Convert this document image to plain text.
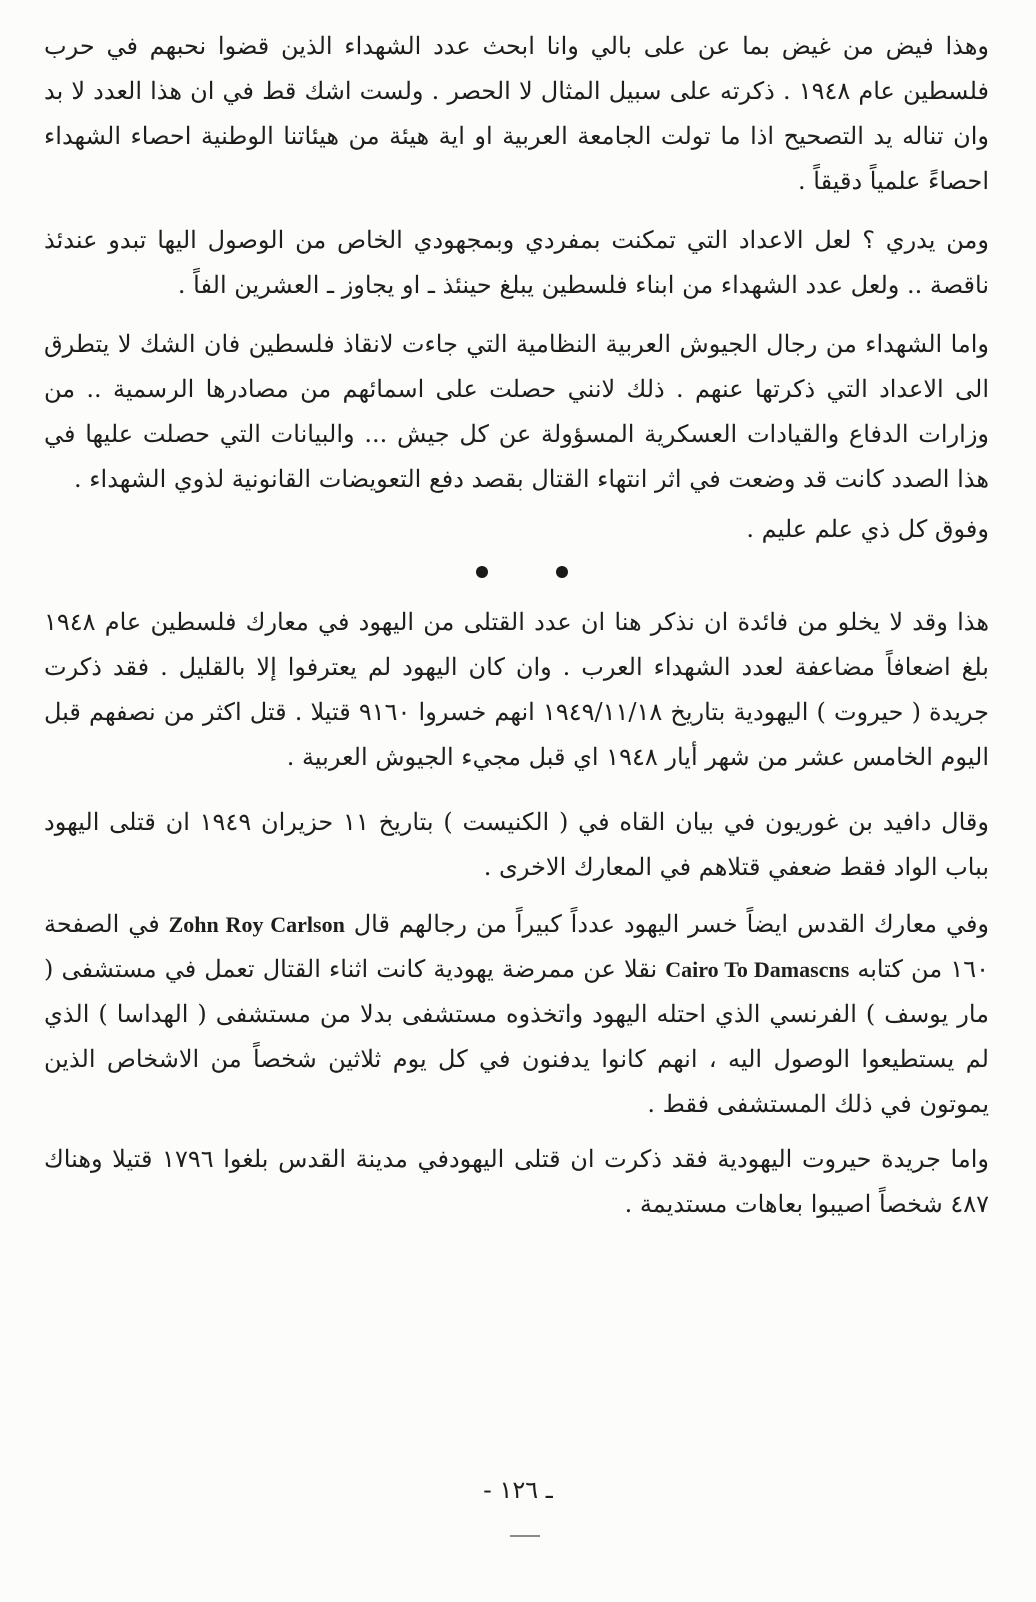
وهذا فيض من غيض بما عن على بالي وانا ابحث عدد الشهداء الذين قضوا نحبهم في حرب فلسطين عام ١٩٤٨ . ذكرته على سبيل المثال لا الحصر . ولست اشك قط في ان هذا العدد لا بد وان تناله يد التصحيح اذا ما تولت الجامعة العربية او اية هيئة من هيئاتنا الوطنية احصاء الشهداء احصاءً علمياً دقيقاً .

ومن يدري ؟ لعل الاعداد التي تمكنت بمفردي وبمجهودي الخاص من الوصول اليها تبدو عندئذ ناقصة .. ولعل عدد الشهداء من ابناء فلسطين يبلغ حينئذ ـ او يجاوز ـ العشرين الفاً .

واما الشهداء من رجال الجيوش العربية النظامية التي جاءت لانقاذ فلسطين فان الشك لا يتطرق الى الاعداد التي ذكرتها عنهم . ذلك لانني حصلت على اسمائهم من مصادرها الرسمية .. من وزارات الدفاع والقيادات العسكرية المسؤولة عن كل جيش ... والبيانات التي حصلت عليها في هذا الصدد كانت قد وضعت في اثر انتهاء القتال بقصد دفع التعويضات القانونية لذوي الشهداء .

وفوق كل ذي علم عليم .

هذا وقد لا يخلو من فائدة ان نذكر هنا ان عدد القتلى من اليهود في معارك فلسطين عام ١٩٤٨ بلغ اضعافاً مضاعفة لعدد الشهداء العرب . وان كان اليهود لم يعترفوا إلا بالقليل . فقد ذكرت جريدة ( حيروت ) اليهودية بتاريخ ١٩٤٩/١١/١٨ انهم خسروا ٩١٦٠ قتيلا . قتل اكثر من نصفهم قبل اليوم الخامس عشر من شهر أيار ١٩٤٨ اي قبل مجيء الجيوش العربية .

وقال دافيد بن غوريون في بيان القاه في ( الكنيست ) بتاريخ ١١ حزيران ١٩٤٩ ان قتلى اليهود بباب الواد فقط ضعفي قتلاهم في المعارك الاخرى .

وفي معارك القدس ايضاً خسر اليهود عدداً كبيراً من رجالهم قال Zohn Roy Carlson في الصفحة ١٦٠ من كتابه Cairo To Damascns نقلا عن ممرضة يهودية كانت اثناء القتال تعمل في مستشفى ( مار يوسف ) الفرنسي الذي احتله اليهود واتخذوه مستشفى بدلا من مستشفى ( الهداسا ) الذي لم يستطيعوا الوصول اليه ، انهم كانوا يدفنون في كل يوم ثلاثين شخصاً من الاشخاص الذين يموتون في ذلك المستشفى فقط .

واما جريدة حيروت اليهودية فقد ذكرت ان قتلى اليهودفي مدينة القدس بلغوا ١٧٩٦ قتيلا وهناك ٤٨٧ شخصاً اصيبوا بعاهات مستديمة .

ـ ١٢٦ -
